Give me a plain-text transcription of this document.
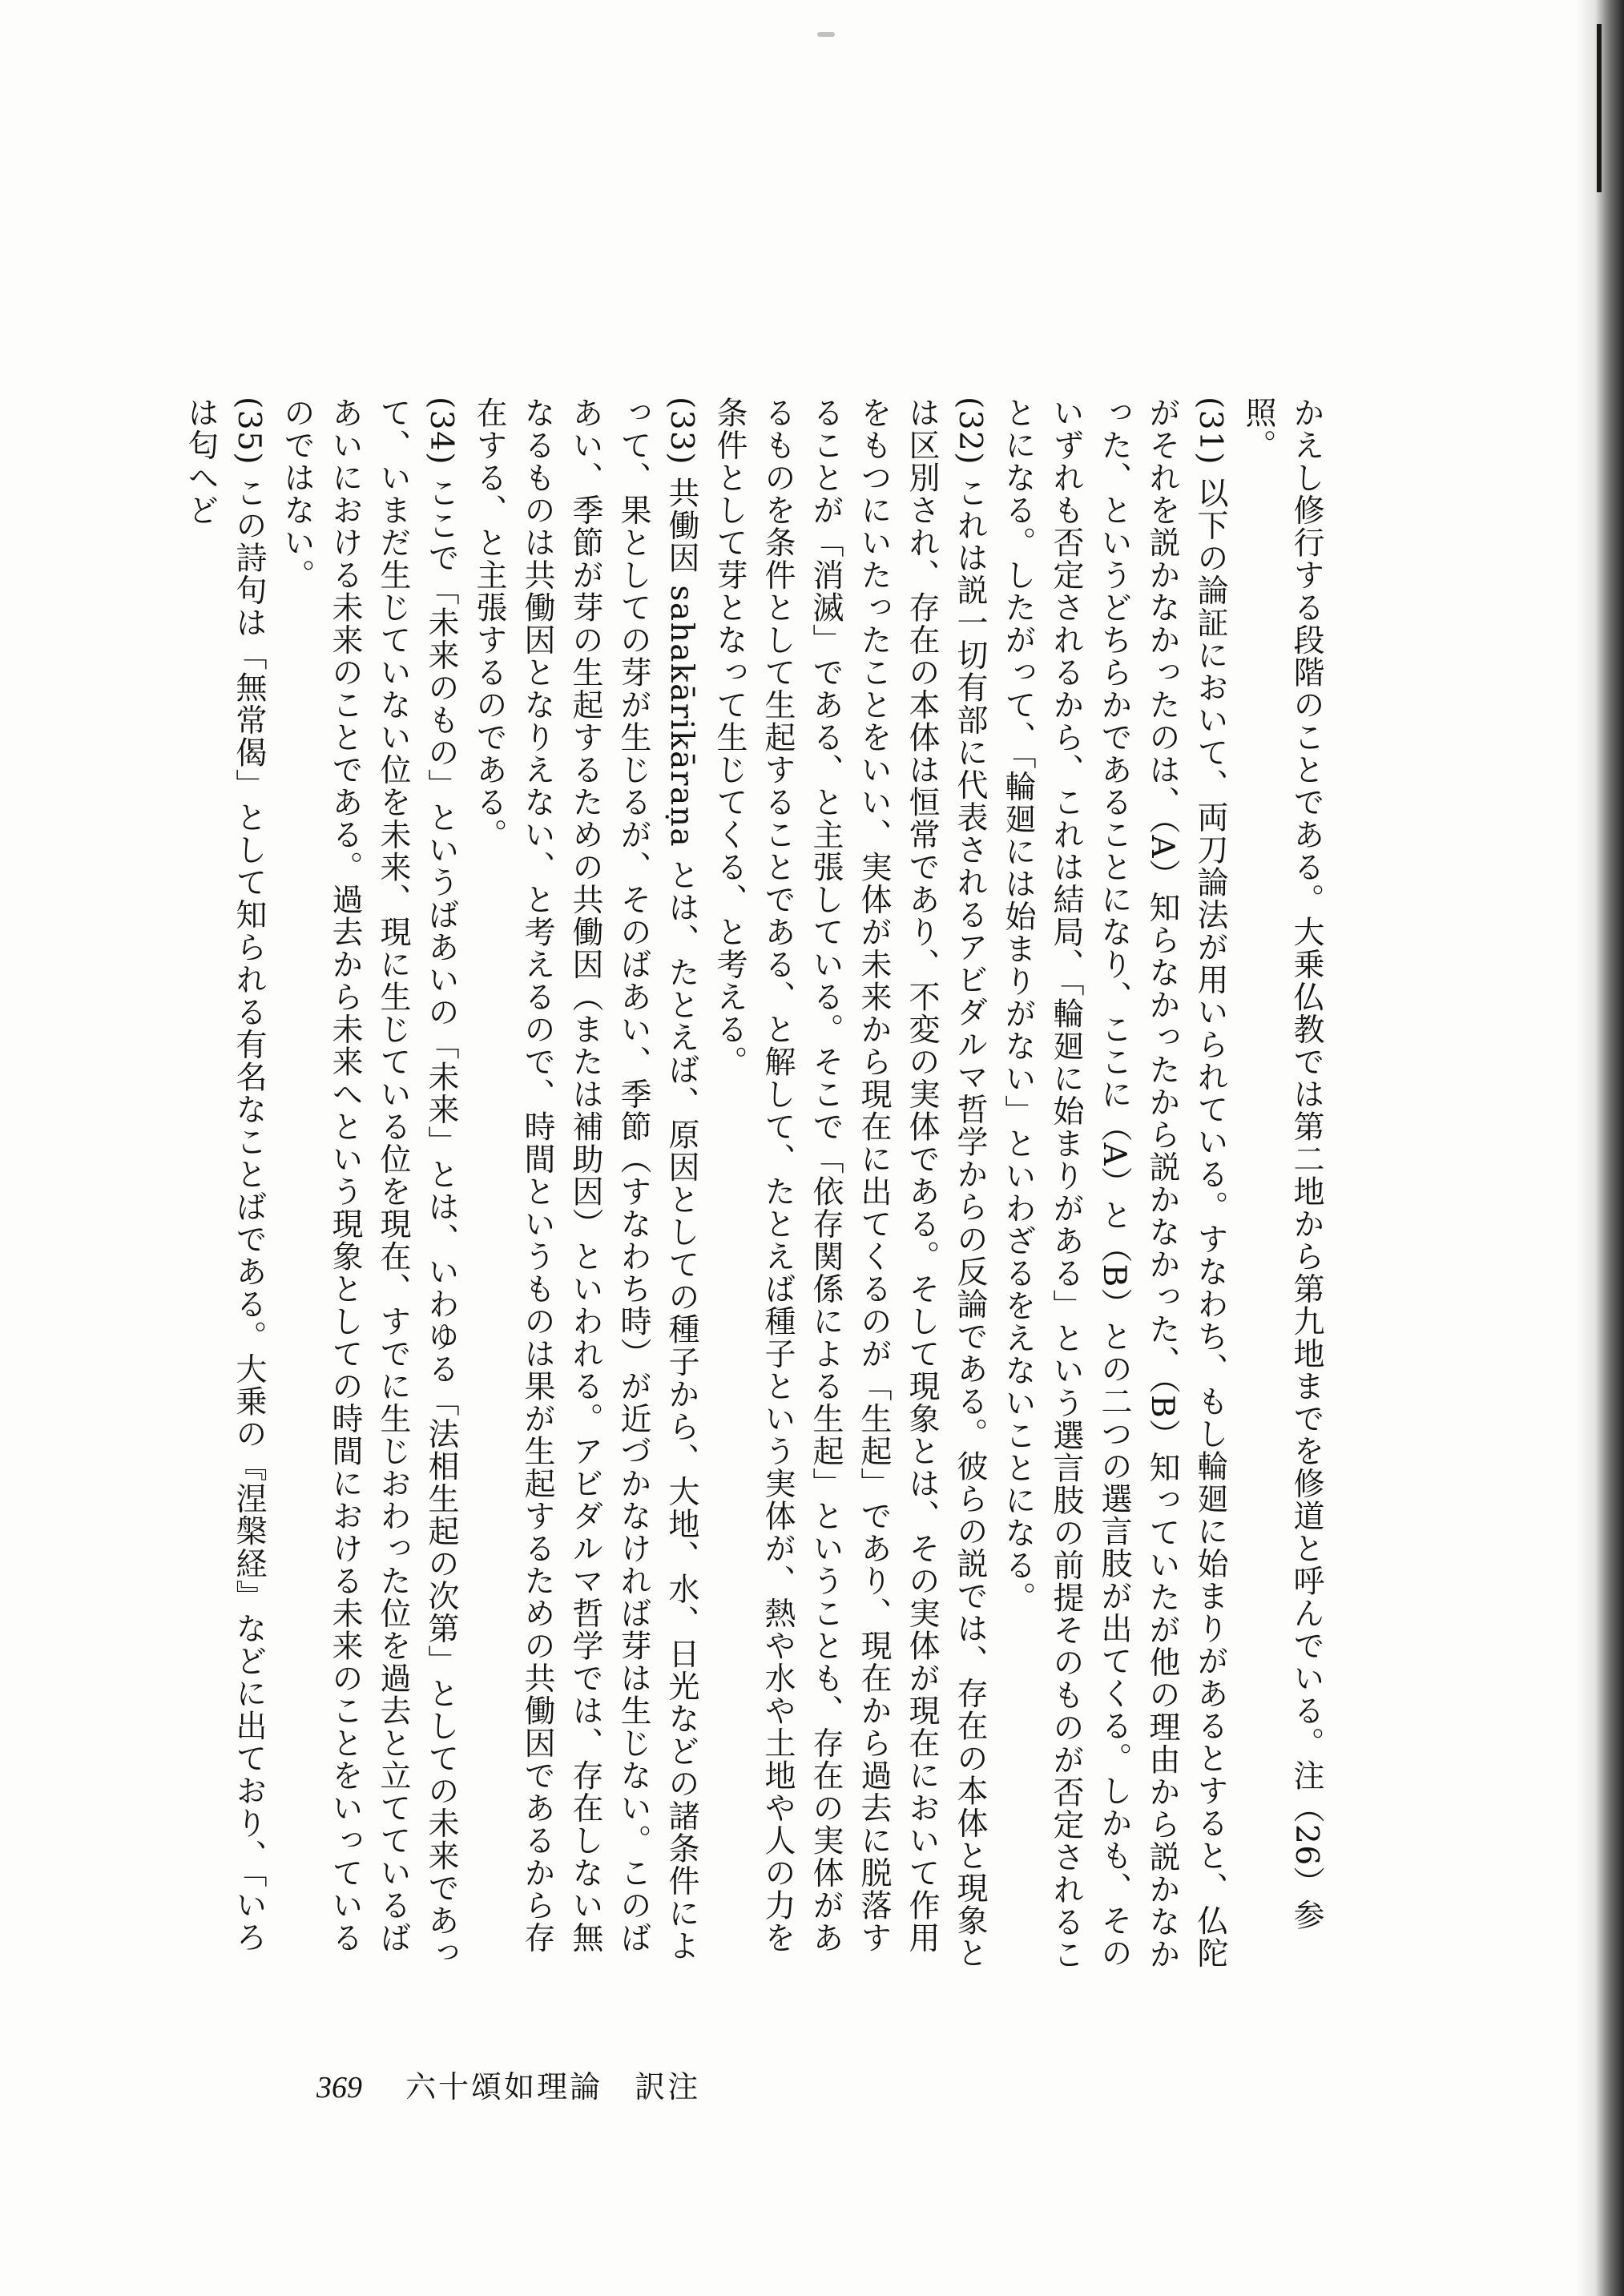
かえし修行する段階のことである。大乗仏教では第二地から第九地までを修道と呼んでいる。注（26）参照。

(31) 以下の論証において、両刀論法が用いられている。すなわち、もし輪廻に始まりがあるとすると、仏陀がそれを説かなかったのは、（A）知らなかったから説かなかった、（B）知っていたが他の理由から説かなかった、というどちらかであることになり、ここに（A）と（B）との二つの選言肢が出てくる。しかも、そのいずれも否定されるから、これは結局、「輪廻に始まりがある」という選言肢の前提そのものが否定されることになる。したがって、「輪廻には始まりがない」といわざるをえないことになる。

(32) これは説一切有部に代表されるアビダルマ哲学からの反論である。彼らの説では、存在の本体と現象とは区別され、存在の本体は恒常であり、不変の実体である。そして現象とは、その実体が現在において作用をもつにいたったことをいい、実体が未来から現在に出てくるのが「生起」であり、現在から過去に脱落することが「消滅」である、と主張している。そこで「依存関係による生起」ということも、存在の実体があるものを条件として生起することである、と解して、たとえば種子という実体が、熱や水や土地や人の力を条件として芽となって生じてくる、と考える。

(33) 共働因 sahakārikāraṇa とは、たとえば、原因としての種子から、大地、水、日光などの諸条件によって、果としての芽が生じるが、そのばあい、季節（すなわち時）が近づかなければ芽は生じない。このばあい、季節が芽の生起するための共働因（または補助因）といわれる。アビダルマ哲学では、存在しない無なるものは共働因となりえない、と考えるので、時間というものは果が生起するための共働因であるから存在する、と主張するのである。

(34) ここで「未来のもの」というばあいの「未来」とは、いわゆる「法相生起の次第」としての未来であって、いまだ生じていない位を未来、現に生じている位を現在、すでに生じおわった位を過去と立てているばあいにおける未来のことである。過去から未来へという現象としての時間における未来のことをいっているのではない。

(35) この詩句は「無常偈」として知られる有名なことばである。大乗の『涅槃経』などに出ており、「いろは匂へど

369 六十頌如理論 訳注
